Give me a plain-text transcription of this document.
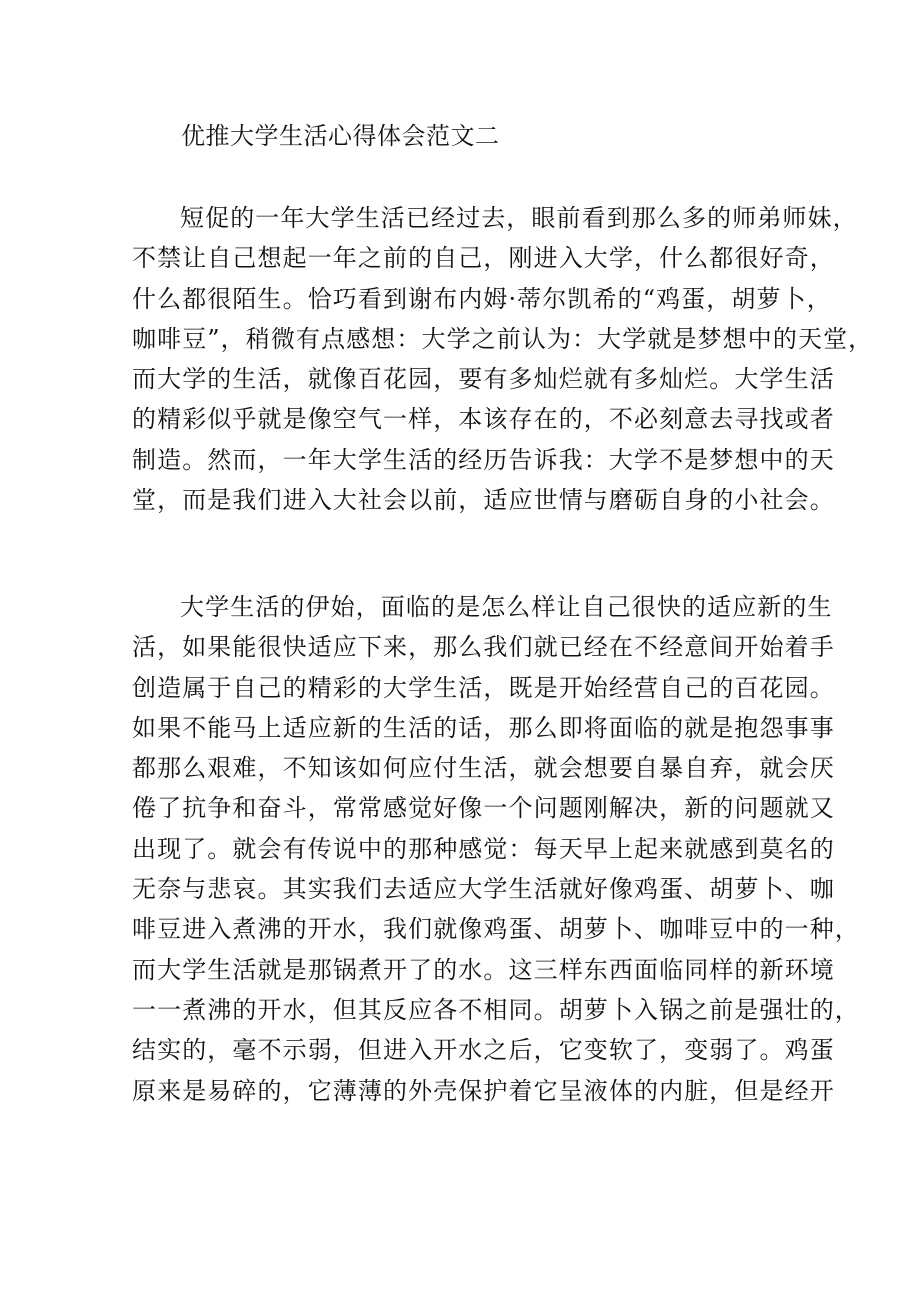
优推大学生活心得体会范文二
短促的一年大学生活已经过去，眼前看到那么多的师弟师妹，
不禁让自己想起一年之前的自己，刚进入大学，什么都很好奇，
什么都很陌生。恰巧看到谢布内姆·蒂尔凯希的“鸡蛋，胡萝卜，
咖啡豆”，稍微有点感想：大学之前认为：大学就是梦想中的天堂，
而大学的生活，就像百花园，要有多灿烂就有多灿烂。大学生活
的精彩似乎就是像空气一样，本该存在的，不必刻意去寻找或者
制造。然而，一年大学生活的经历告诉我：大学不是梦想中的天
堂，而是我们进入大社会以前，适应世情与磨砺自身的小社会。
大学生活的伊始，面临的是怎么样让自己很快的适应新的生
活，如果能很快适应下来，那么我们就已经在不经意间开始着手
创造属于自己的精彩的大学生活，既是开始经营自己的百花园。
如果不能马上适应新的生活的话，那么即将面临的就是抱怨事事
都那么艰难，不知该如何应付生活，就会想要自暴自弃，就会厌
倦了抗争和奋斗，常常感觉好像一个问题刚解决，新的问题就又
出现了。就会有传说中的那种感觉：每天早上起来就感到莫名的
无奈与悲哀。其实我们去适应大学生活就好像鸡蛋、胡萝卜、咖
啡豆进入煮沸的开水，我们就像鸡蛋、胡萝卜、咖啡豆中的一种，
而大学生活就是那锅煮开了的水。这三样东西面临同样的新环境
一一煮沸的开水，但其反应各不相同。胡萝卜入锅之前是强壮的，
结实的，毫不示弱，但进入开水之后，它变软了，变弱了。鸡蛋
原来是易碎的，它薄薄的外壳保护着它呈液体的内脏，但是经开
